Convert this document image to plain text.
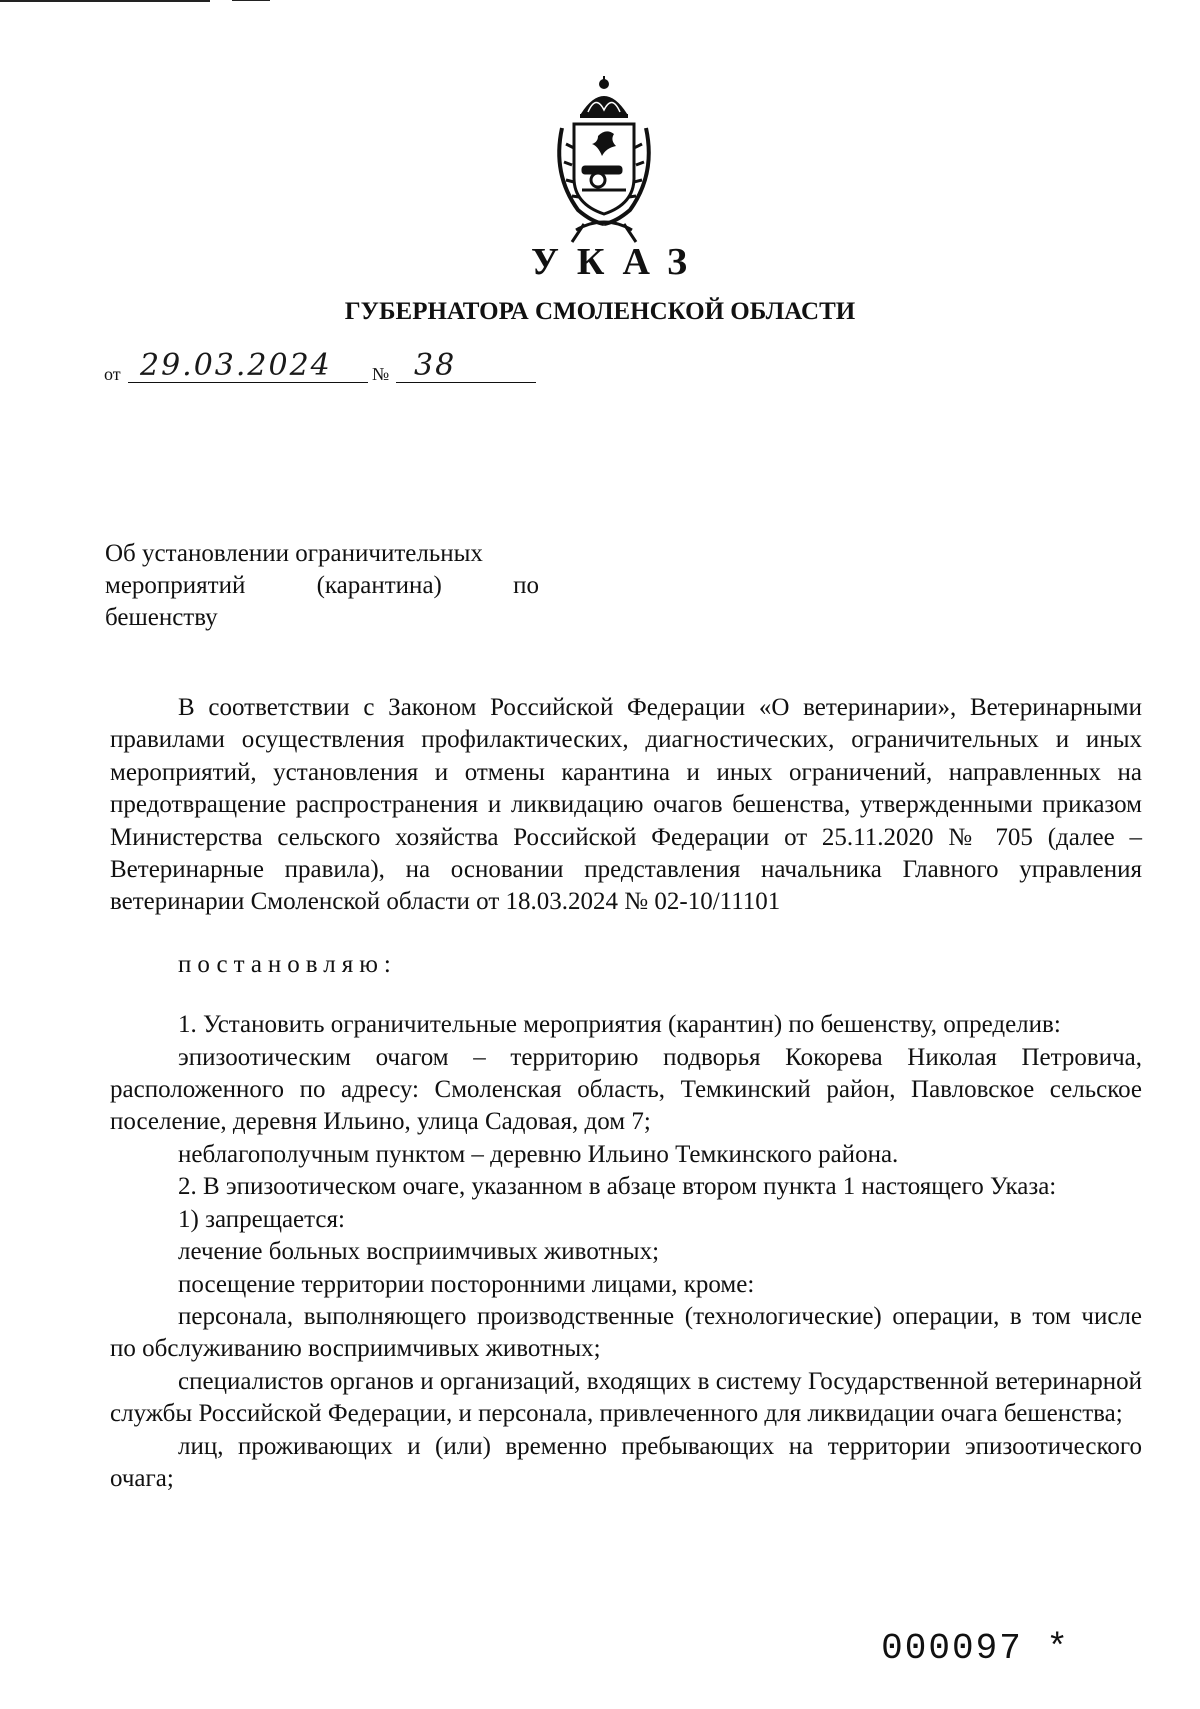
УКАЗ
ГУБЕРНАТОРА СМОЛЕНСКОЙ ОБЛАСТИ
от 29.03.2024 № 38
Об установлении ограничительных
мероприятий	(карантина)	по
бешенству

В соответствии с Законом Российской Федерации «О ветеринарии», Ветеринарными правилами осуществления профилактических, диагностических, ограничительных и иных мероприятий, установления и отмены карантина и иных ограничений, направленных на предотвращение распространения и ликвидацию очагов бешенства, утвержденными приказом Министерства сельского хозяйства Российской Федерации от 25.11.2020 № 705 (далее – Ветеринарные правила), на основании представления начальника Главного управления ветеринарии Смоленской области от 18.03.2024 № 02-10/11101

постановляю:

1. Установить ограничительные мероприятия (карантин) по бешенству, определив:

эпизоотическим очагом – территорию подворья Кокорева Николая Петровича, расположенного по адресу: Смоленская область, Темкинский район, Павловское сельское поселение, деревня Ильино, улица Садовая, дом 7;

неблагополучным пунктом – деревню Ильино Темкинского района.

2. В эпизоотическом очаге, указанном в абзаце втором пункта 1 настоящего Указа:

1) запрещается:

лечение больных восприимчивых животных;

посещение территории посторонними лицами, кроме:

персонала, выполняющего производственные (технологические) операции, в том числе по обслуживанию восприимчивых животных;

специалистов органов и организаций, входящих в систему Государственной ветеринарной службы Российской Федерации, и персонала, привлеченного для ликвидации очага бешенства;

лиц, проживающих и (или) временно пребывающих на территории эпизоотического очага;

000097 *
